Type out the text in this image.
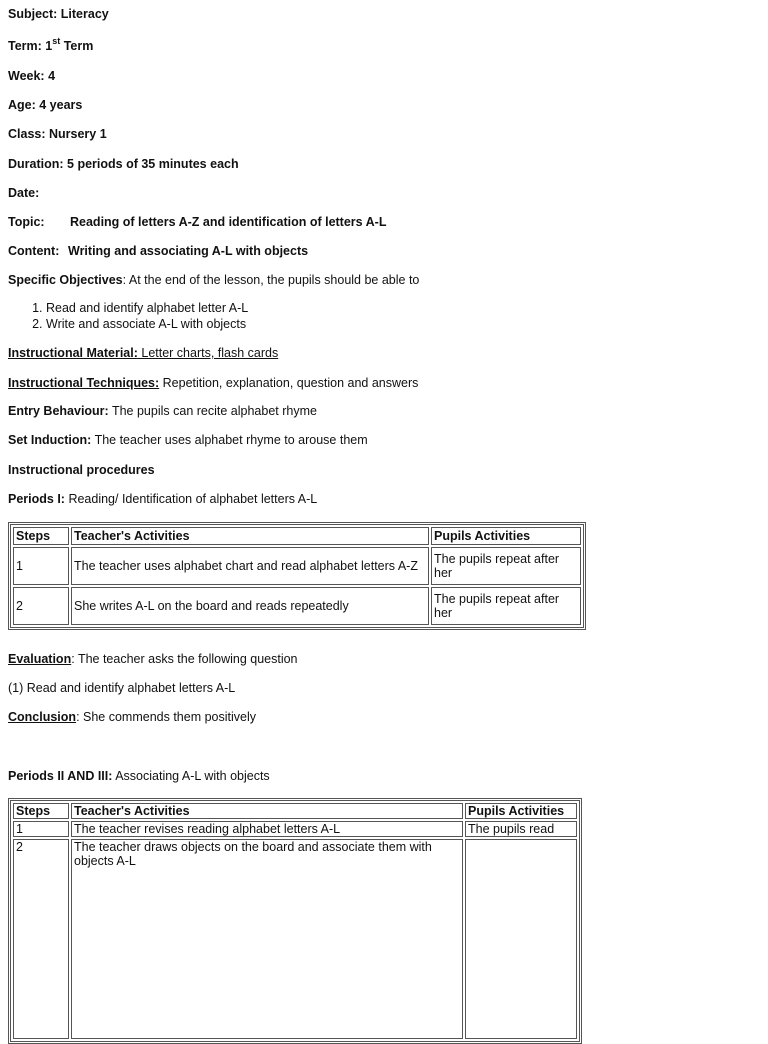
Subject: Literacy
Term: 1st Term
Week: 4
Age: 4 years
Class: Nursery 1
Duration: 5 periods of 35 minutes each
Date:
Topic: Reading of letters A-Z and identification of letters A-L
Content: Writing and associating A-L with objects
Specific Objectives: At the end of the lesson, the pupils should be able to
1. Read and identify alphabet letter A-L
2. Write and associate A-L with objects
Instructional Material: Letter charts, flash cards
Instructional Techniques: Repetition, explanation, question and answers
Entry Behaviour: The pupils can recite alphabet rhyme
Set Induction: The teacher uses alphabet rhyme to arouse them
Instructional procedures
Periods I: Reading/ Identification of alphabet letters A-L
Steps	Teacher's Activities	Pupils Activities
1	The teacher uses alphabet chart and read alphabet letters A-Z	The pupils repeat after her
2	She writes A-L on the board and reads repeatedly	The pupils repeat after her
Evaluation: The teacher asks the following question
(1) Read and identify alphabet letters A-L
Conclusion: She commends them positively
Periods II AND III: Associating A-L with objects
Steps	Teacher's Activities	Pupils Activities
1	The teacher revises reading alphabet letters A-L	The pupils read
2	The teacher draws objects on the board and associate them with objects A-L	
